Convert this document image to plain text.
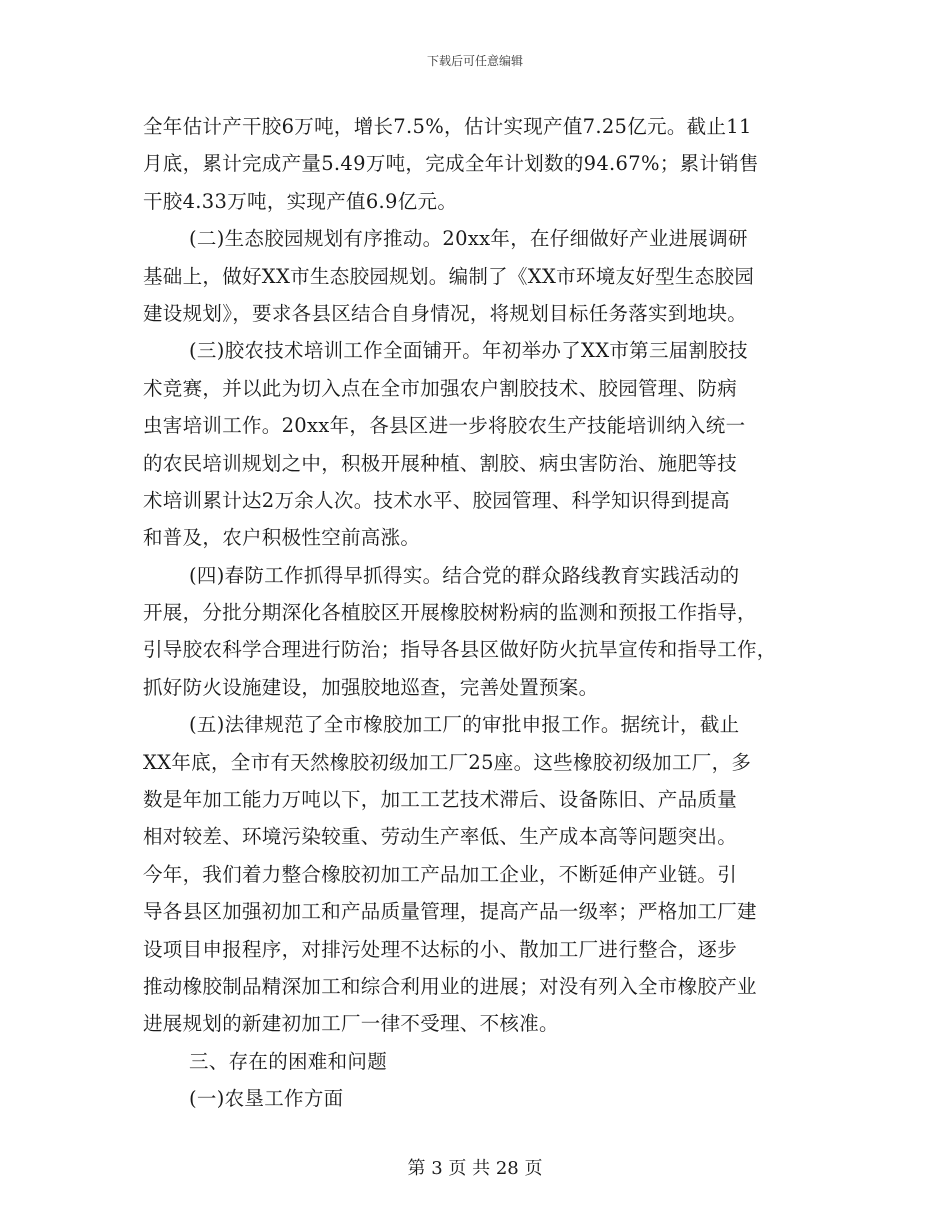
下载后可任意编辑
全年估计产干胶6万吨，增长7.5%，估计实现产值7.25亿元。截止11
月底，累计完成产量5.49万吨，完成全年计划数的94.67%；累计销售
干胶4.33万吨，实现产值6.9亿元。
(二)生态胶园规划有序推动。20xx年，在仔细做好产业进展调研
基础上，做好XX市生态胶园规划。编制了《XX市环境友好型生态胶园
建设规划》，要求各县区结合自身情况，将规划目标任务落实到地块。
(三)胶农技术培训工作全面铺开。年初举办了XX市第三届割胶技
术竞赛，并以此为切入点在全市加强农户割胶技术、胶园管理、防病
虫害培训工作。20xx年，各县区进一步将胶农生产技能培训纳入统一
的农民培训规划之中，积极开展种植、割胶、病虫害防治、施肥等技
术培训累计达2万余人次。技术水平、胶园管理、科学知识得到提高
和普及，农户积极性空前高涨。
(四)春防工作抓得早抓得实。结合党的群众路线教育实践活动的
开展，分批分期深化各植胶区开展橡胶树粉病的监测和预报工作指导，
引导胶农科学合理进行防治；指导各县区做好防火抗旱宣传和指导工作，
抓好防火设施建设，加强胶地巡查，完善处置预案。
(五)法律规范了全市橡胶加工厂的审批申报工作。据统计，截止
XX年底，全市有天然橡胶初级加工厂25座。这些橡胶初级加工厂，多
数是年加工能力万吨以下，加工工艺技术滞后、设备陈旧、产品质量
相对较差、环境污染较重、劳动生产率低、生产成本高等问题突出。
今年，我们着力整合橡胶初加工产品加工企业，不断延伸产业链。引
导各县区加强初加工和产品质量管理，提高产品一级率；严格加工厂建
设项目申报程序，对排污处理不达标的小、散加工厂进行整合，逐步
推动橡胶制品精深加工和综合利用业的进展；对没有列入全市橡胶产业
进展规划的新建初加工厂一律不受理、不核准。
三、存在的困难和问题
(一)农垦工作方面
第 3 页 共 28 页
